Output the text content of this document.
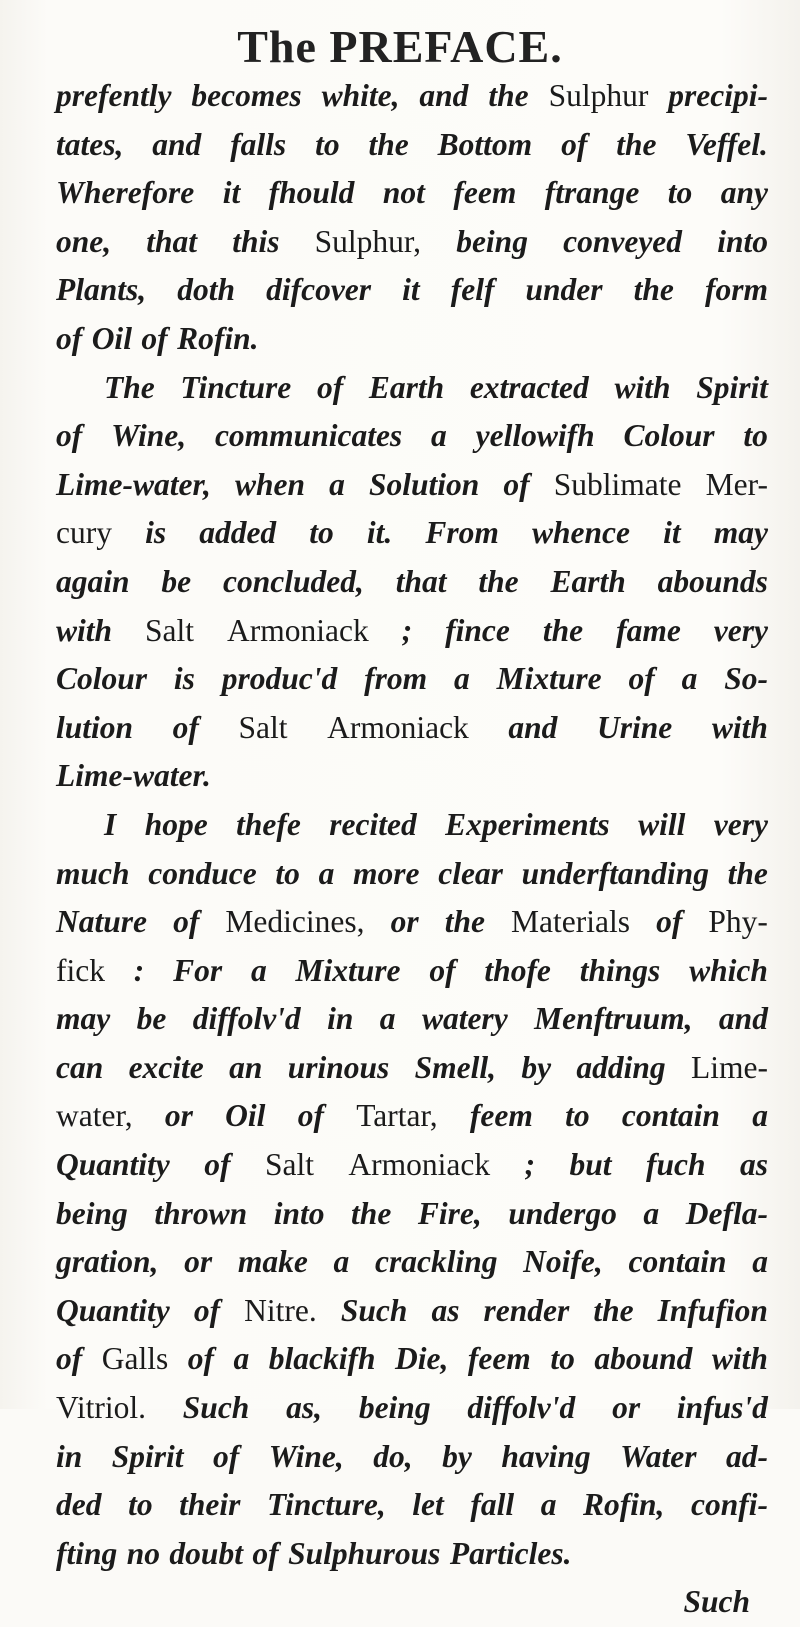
The PREFACE.
prefently becomes white, and the Sulphur precipi-
tates, and falls to the Bottom of the Veffel.
Wherefore it fhould not feem ftrange to any
one, that this Sulphur, being conveyed into
Plants, doth difcover it felf under the form
of Oil of Rofin.
The Tincture of Earth extracted with Spirit
of Wine, communicates a yellowifh Colour to
Lime-water, when a Solution of Sublimate Mer-
cury is added to it. From whence it may
again be concluded, that the Earth abounds
with Salt Armoniack ; fince the fame very
Colour is produc'd from a Mixture of a So-
lution of Salt Armoniack and Urine with
Lime-water.
I hope thefe recited Experiments will very
much conduce to a more clear underftanding the
Nature of Medicines, or the Materials of Phy-
fick : For a Mixture of thofe things which
may be diffolv'd in a watery Menftruum, and
can excite an urinous Smell, by adding Lime-
water, or Oil of Tartar, feem to contain a
Quantity of Salt Armoniack ; but fuch as
being thrown into the Fire, undergo a Defla-
gration, or make a crackling Noife, contain a
Quantity of Nitre. Such as render the Infufion
of Galls of a blackifh Die, feem to abound with
Vitriol. Such as, being diffolv'd or infus'd
in Spirit of Wine, do, by having Water ad-
ded to their Tincture, let fall a Rofin, confi-
fting no doubt of Sulphurous Particles.
Such
